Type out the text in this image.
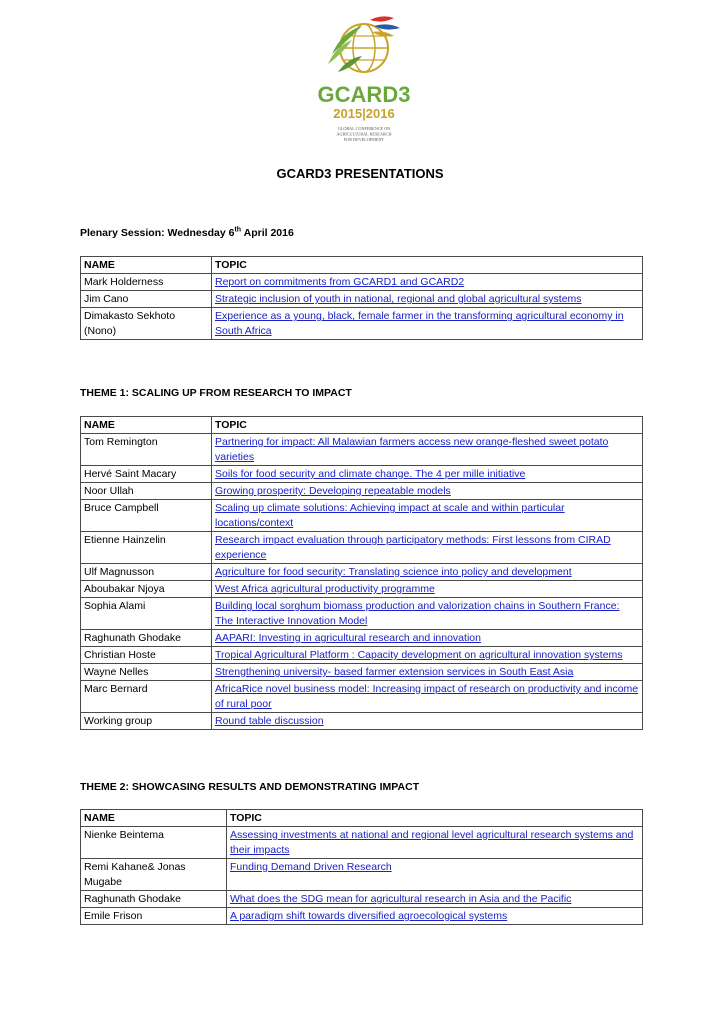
GCARD3
2015|2016
GLOBAL CONFERENCE ON
AGRICULTURAL RESEARCH
FOR DEVELOPMENT
GCARD3 PRESENTATIONS
Plenary Session: Wednesday 6th April 2016
NAME	TOPIC
Mark Holderness	Report on commitments from GCARD1 and GCARD2
Jim Cano	Strategic inclusion of youth in national, regional and global agricultural systems
Dimakasto Sekhoto (Nono)	Experience as a young, black, female farmer in the transforming agricultural economy in South Africa
THEME 1: SCALING UP FROM RESEARCH TO IMPACT
NAME	TOPIC
Tom Remington	Partnering for impact: All Malawian farmers access new orange-fleshed sweet potato varieties
Hervé Saint Macary	Soils for food security and climate change. The 4 per mille initiative
Noor Ullah	Growing prosperity: Developing repeatable models
Bruce Campbell	Scaling up climate solutions: Achieving impact at scale and within particular locations/context
Etienne Hainzelin	Research impact evaluation through participatory methods: First lessons from CIRAD experience
Ulf Magnusson	Agriculture for food security: Translating science into policy and development
Aboubakar Njoya	West Africa agricultural productivity programme
Sophia Alami	Building local sorghum biomass production and valorization chains in Southern France: The Interactive Innovation Model
Raghunath Ghodake	AAPARI: Investing in agricultural research and innovation
Christian Hoste	Tropical Agricultural Platform : Capacity development on agricultural innovation systems
Wayne Nelles	Strengthening university- based farmer extension services in South East Asia
Marc Bernard	AfricaRice novel business model: Increasing impact of research on productivity and income of rural poor
Working group	Round table discussion
THEME 2: SHOWCASING RESULTS AND DEMONSTRATING IMPACT
NAME	TOPIC
Nienke Beintema	Assessing investments at national and regional level agricultural research systems and their impacts
Remi Kahane& Jonas Mugabe	Funding Demand Driven Research
Raghunath Ghodake	What does the SDG mean for agricultural research in Asia and the Pacific
Emile Frison	A paradigm shift towards diversified agroecological systems
